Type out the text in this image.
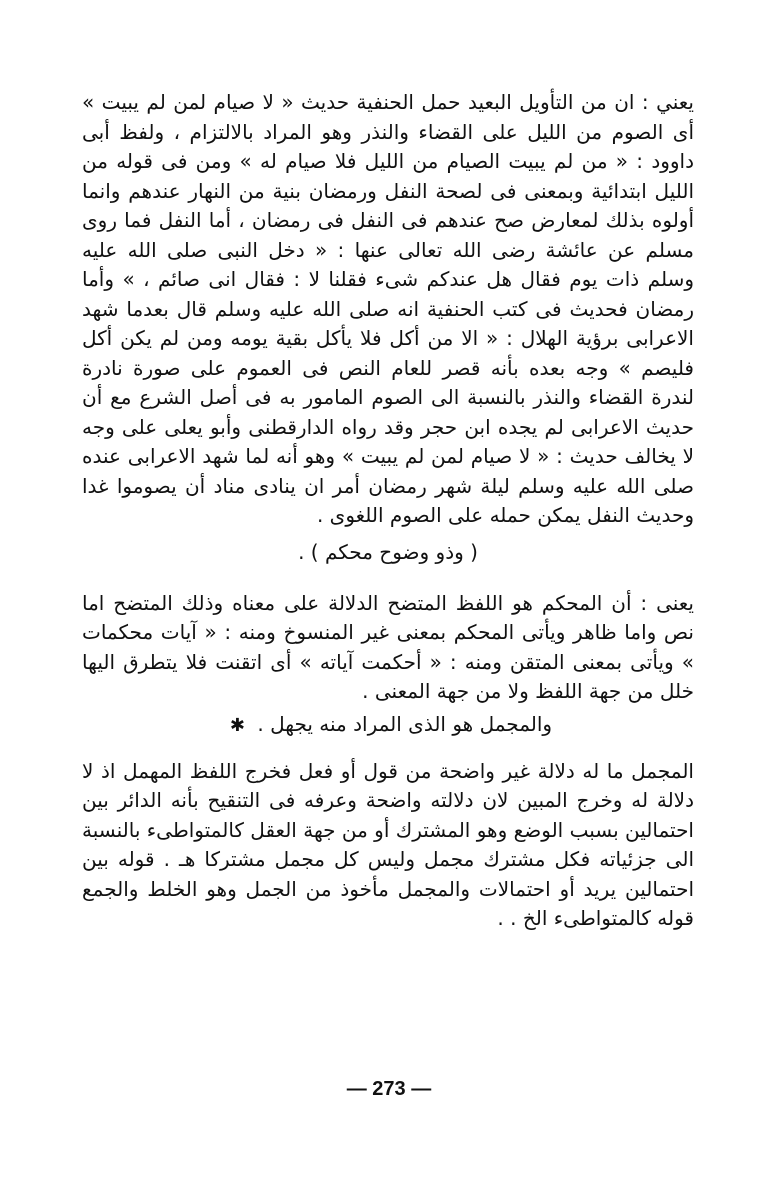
يعني : ان من التأويل البعيد حمل الحنفية حديث « لا صيام لمن لم يبيت » أى الصوم من الليل على القضاء والنذر وهو المراد بالالتزام ، ولفظ أبى داوود : « من لم يبيت الصيام من الليل فلا صيام له » ومن فى قوله من الليل ابتدائية وبمعنى فى لصحة النفل ورمضان بنية من النهار عندهم وانما أولوه بذلك لمعارض صح عندهم فى النفل فى رمضان ، أما النفل فما روى مسلم عن عائشة رضى الله تعالى عنها : « دخل النبى صلى الله عليه وسلم ذات يوم فقال هل عندكم شىء فقلنا لا : فقال انى صائم ، » وأما رمضان فحديث فى كتب الحنفية انه صلى الله عليه وسلم قال بعدما شهد الاعرابى برؤية الهلال : « الا من أكل فلا يأكل بقية يومه ومن لم يكن أكل فليصم » وجه بعده بأنه قصر للعام النص فى العموم على صورة نادرة لندرة القضاء والنذر بالنسبة الى الصوم المامور به فى أصل الشرع مع أن حديث الاعرابى لم يجده ابن حجر وقد رواه الدارقطنى وأبو يعلى على وجه لا يخالف حديث : « لا صيام لمن لم يبيت » وهو أنه لما شهد الاعرابى عنده صلى الله عليه وسلم ليلة شهر رمضان أمر ان ينادى مناد أن يصوموا غدا وحديث النفل يمكن حمله على الصوم اللغوى .

( وذو وضوح محكم ) .

يعنى : أن المحكم هو اللفظ المتضح الدلالة على معناه وذلك المتضح اما نص واما ظاهر ويأتى المحكم بمعنى غير المنسوخ ومنه : « آيات محكمات » ويأتى بمعنى المتقن ومنه : « أحكمت آياته » أى اتقنت فلا يتطرق اليها خلل من جهة اللفظ ولا من جهة المعنى .

والمجمل هو الذى المراد منه يجهل . ✱

المجمل ما له دلالة غير واضحة من قول أو فعل فخرج اللفظ المهمل اذ لا دلالة له وخرج المبين لان دلالته واضحة وعرفه فى التنقيح بأنه الدائر بين احتمالين بسبب الوضع وهو المشترك أو من جهة العقل كالمتواطىء بالنسبة الى جزئياته فكل مشترك مجمل وليس كل مجمل مشتركا هـ . قوله بين احتمالين يريد أو احتمالات والمجمل مأخوذ من الجمل وهو الخلط والجمع قوله كالمتواطىء الخ . .

— 273 —
